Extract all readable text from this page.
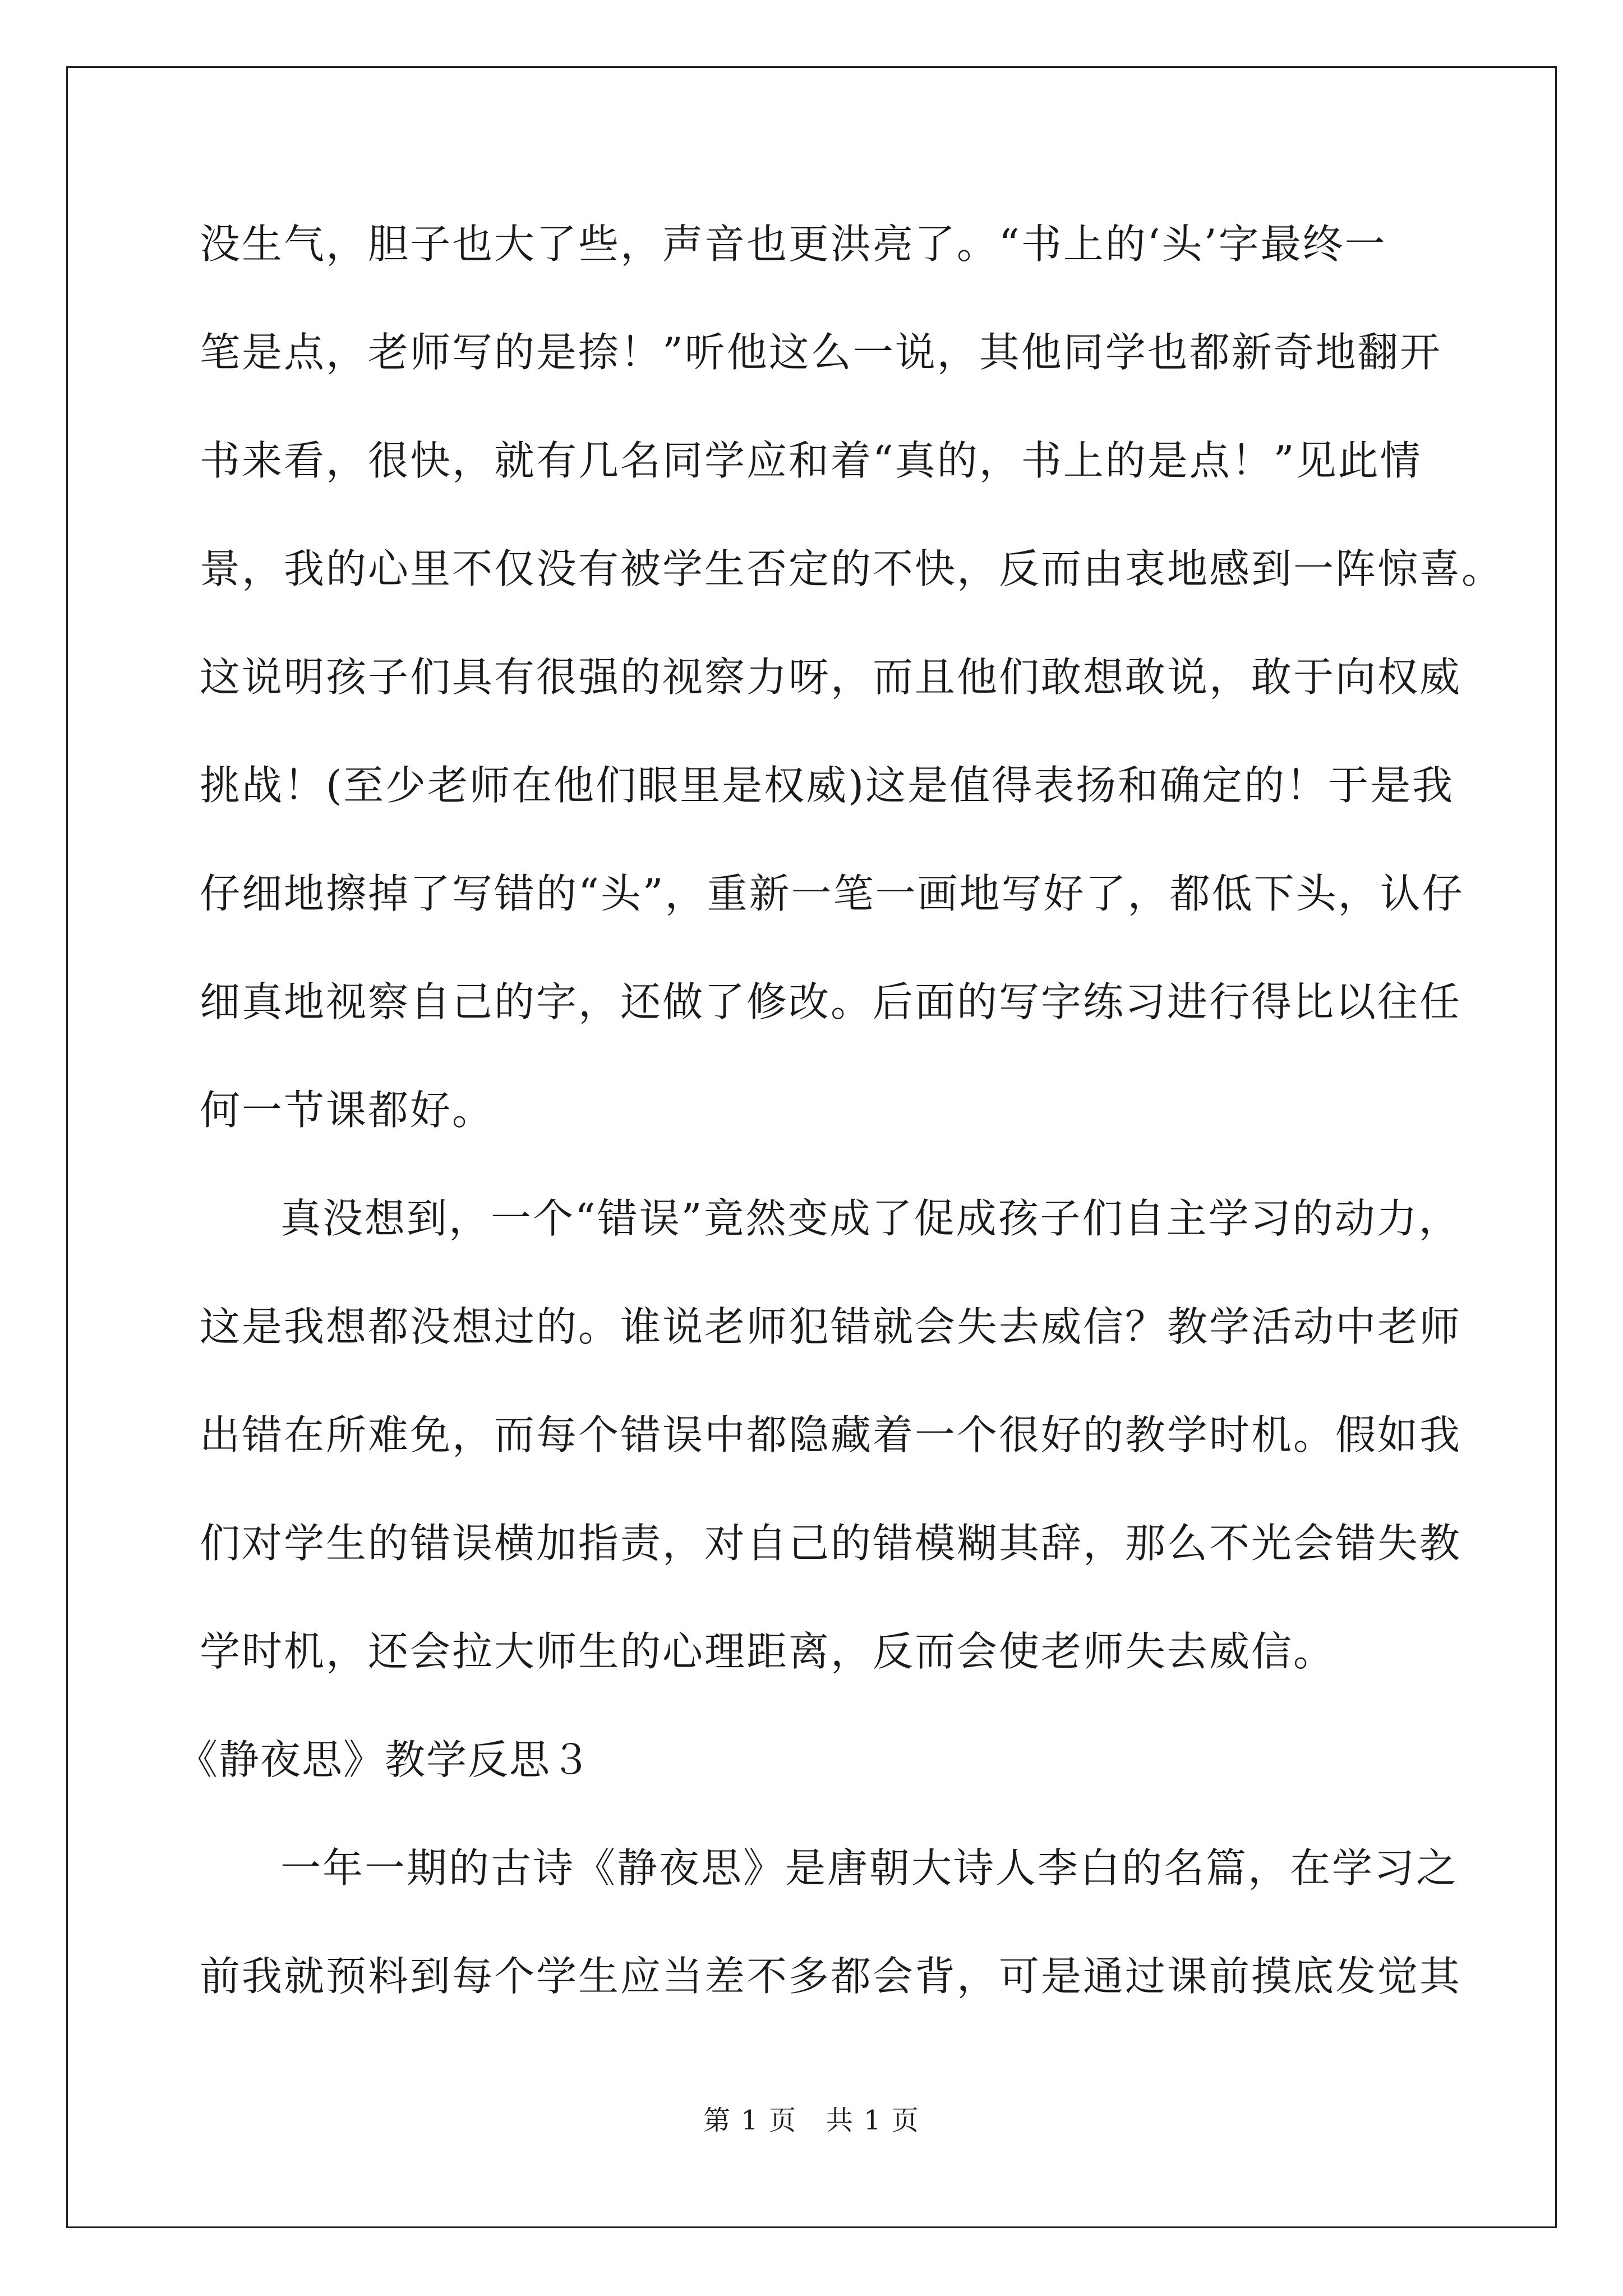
没生气，胆子也大了些，声音也更洪亮了。“书上的‘头’字最终一
笔是点，老师写的是捺！”听他这么一说，其他同学也都新奇地翻开
书来看，很快，就有几名同学应和着“真的，书上的是点！”见此情
景，我的心里不仅没有被学生否定的不快，反而由衷地感到一阵惊喜。
这说明孩子们具有很强的视察力呀，而且他们敢想敢说，敢于向权威
挑战！(至少老师在他们眼里是权威)这是值得表扬和确定的！于是我
仔细地擦掉了写错的“头”，重新一笔一画地写好了，都低下头，认仔
细真地视察自己的字，还做了修改。后面的写字练习进行得比以往任
何一节课都好。
真没想到，一个“错误”竟然变成了促成孩子们自主学习的动力，
这是我想都没想过的。谁说老师犯错就会失去威信？教学活动中老师
出错在所难免，而每个错误中都隐藏着一个很好的教学时机。假如我
们对学生的错误横加指责，对自己的错模糊其辞，那么不光会错失教
学时机，还会拉大师生的心理距离，反而会使老师失去威信。
《静夜思》教学反思３
一年一期的古诗《静夜思》是唐朝大诗人李白的名篇，在学习之
前我就预料到每个学生应当差不多都会背，可是通过课前摸底发觉其
第 1 页   共 1 页
